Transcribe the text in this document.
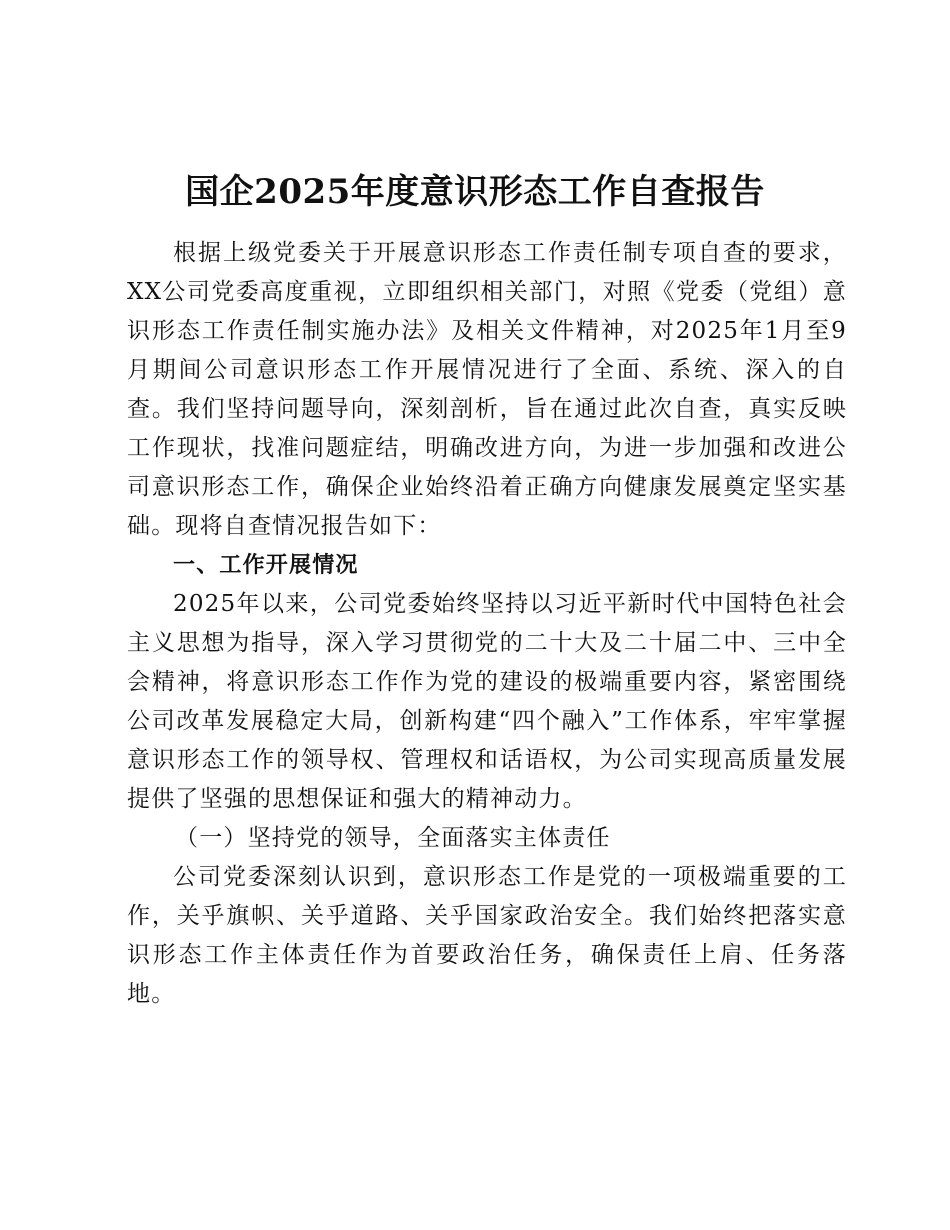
国企2025年度意识形态工作自查报告

根据上级党委关于开展意识形态工作责任制专项自查的要求，XX公司党委高度重视，立即组织相关部门，对照《党委（党组）意识形态工作责任制实施办法》及相关文件精神，对2025年1月至9月期间公司意识形态工作开展情况进行了全面、系统、深入的自查。我们坚持问题导向，深刻剖析，旨在通过此次自查，真实反映工作现状，找准问题症结，明确改进方向，为进一步加强和改进公司意识形态工作，确保企业始终沿着正确方向健康发展奠定坚实基础。现将自查情况报告如下：

一、工作开展情况

2025年以来，公司党委始终坚持以习近平新时代中国特色社会主义思想为指导，深入学习贯彻党的二十大及二十届二中、三中全会精神，将意识形态工作作为党的建设的极端重要内容，紧密围绕公司改革发展稳定大局，创新构建“四个融入”工作体系，牢牢掌握意识形态工作的领导权、管理权和话语权，为公司实现高质量发展提供了坚强的思想保证和强大的精神动力。

（一）坚持党的领导，全面落实主体责任

公司党委深刻认识到，意识形态工作是党的一项极端重要的工作，关乎旗帜、关乎道路、关乎国家政治安全。我们始终把落实意识形态工作主体责任作为首要政治任务，确保责任上肩、任务落地。
